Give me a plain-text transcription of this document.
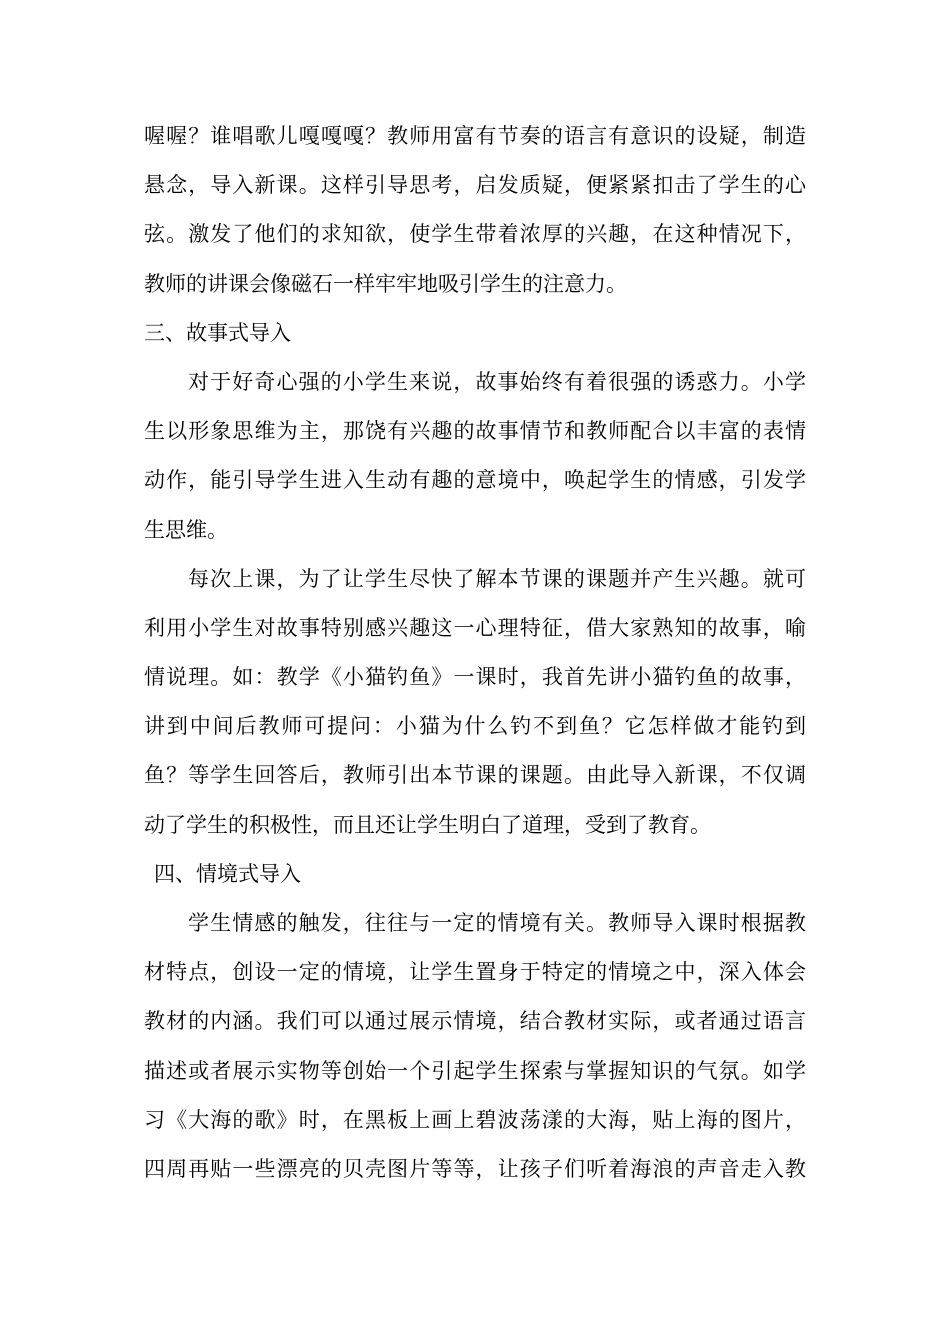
喔喔？谁唱歌儿嘎嘎嘎？教师用富有节奏的语言有意识的设疑，制造
悬念，导入新课。这样引导思考，启发质疑，便紧紧扣击了学生的心
弦。激发了他们的求知欲，使学生带着浓厚的兴趣，在这种情况下，
教师的讲课会像磁石一样牢牢地吸引学生的注意力。
三、故事式导入
对于好奇心强的小学生来说，故事始终有着很强的诱惑力。小学
生以形象思维为主，那饶有兴趣的故事情节和教师配合以丰富的表情
动作，能引导学生进入生动有趣的意境中，唤起学生的情感，引发学
生思维。
每次上课，为了让学生尽快了解本节课的课题并产生兴趣。就可
利用小学生对故事特别感兴趣这一心理特征，借大家熟知的故事，喻
情说理。如：教学《小猫钓鱼》一课时，我首先讲小猫钓鱼的故事，
讲到中间后教师可提问：小猫为什么钓不到鱼？它怎样做才能钓到
鱼？等学生回答后，教师引出本节课的课题。由此导入新课，不仅调
动了学生的积极性，而且还让学生明白了道理，受到了教育。
四、情境式导入
学生情感的触发，往往与一定的情境有关。教师导入课时根据教
材特点，创设一定的情境，让学生置身于特定的情境之中，深入体会
教材的内涵。我们可以通过展示情境，结合教材实际，或者通过语言
描述或者展示实物等创始一个引起学生探索与掌握知识的气氛。如学
习《大海的歌》时，在黑板上画上碧波荡漾的大海，贴上海的图片，
四周再贴一些漂亮的贝壳图片等等，让孩子们听着海浪的声音走入教
